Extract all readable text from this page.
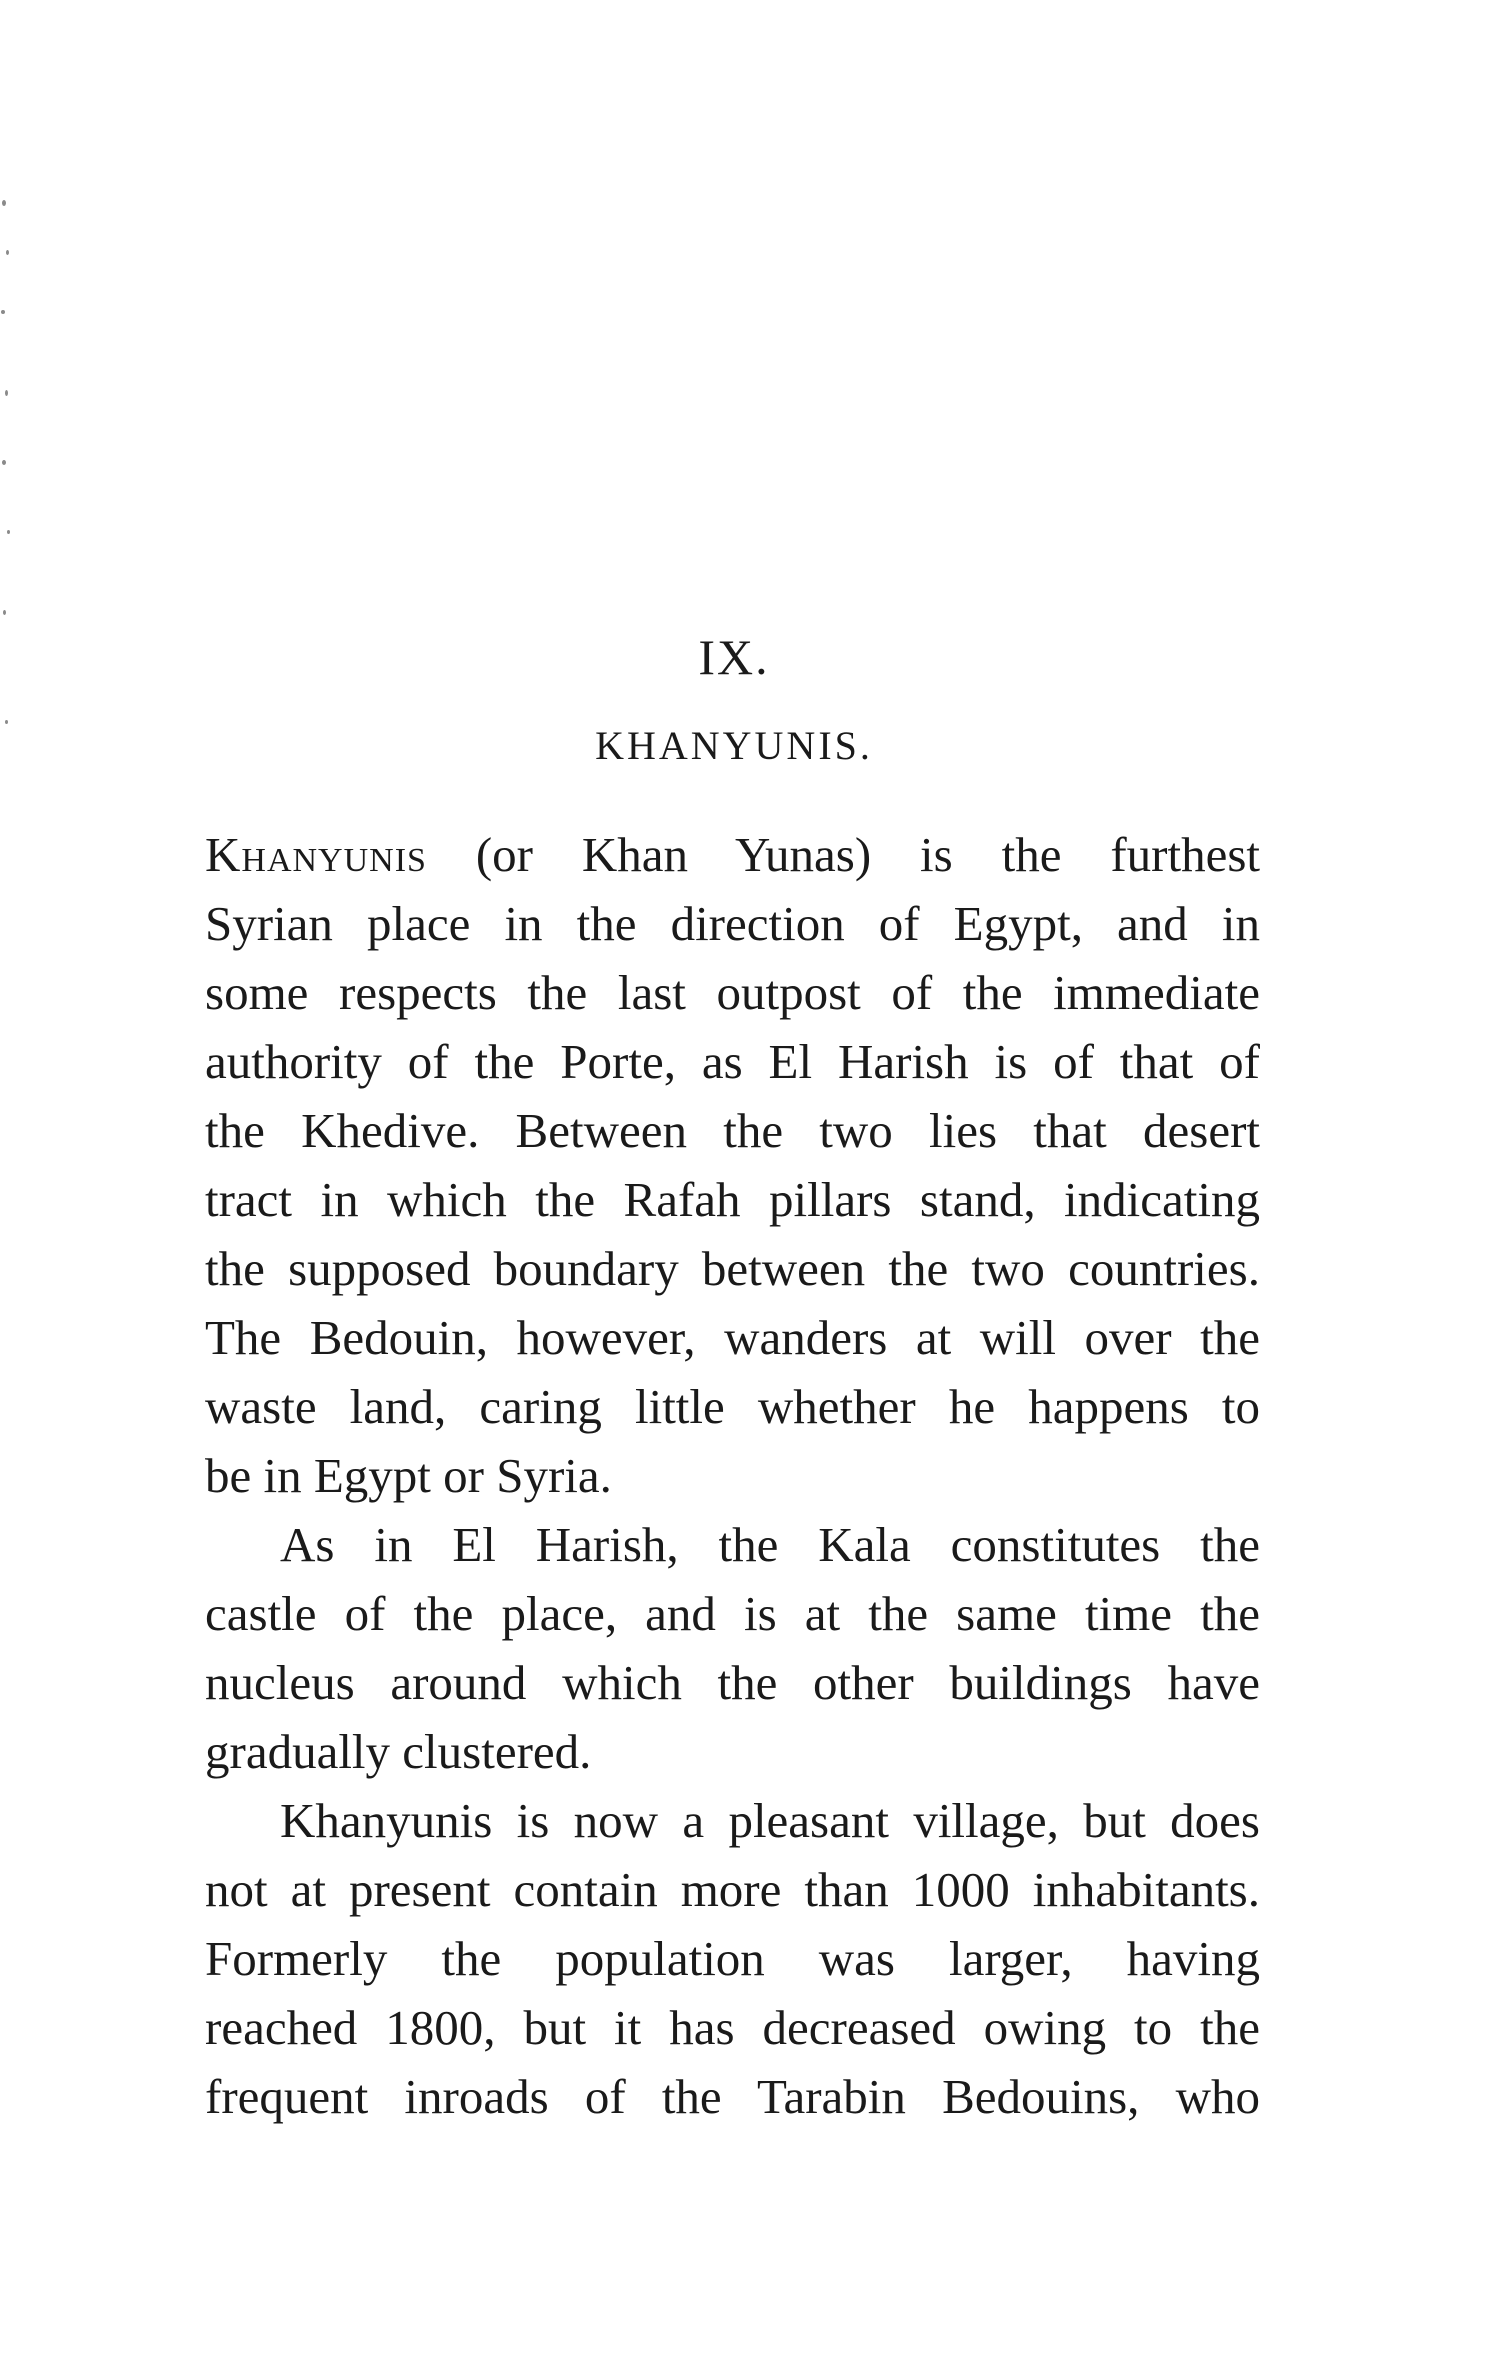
IX.
KHANYUNIS.
Khanyunis (or Khan Yunas) is the furthest
Syrian place in the direction of Egypt, and in
some respects the last outpost of the immediate
authority of the Porte, as El Harish is of that of
the Khedive. Between the two lies that desert
tract in which the Rafah pillars stand, indicating
the supposed boundary between the two countries.
The Bedouin, however, wanders at will over the
waste land, caring little whether he happens to
be in Egypt or Syria.
As in El Harish, the Kala constitutes the
castle of the place, and is at the same time the
nucleus around which the other buildings have
gradually clustered.
Khanyunis is now a pleasant village, but does
not at present contain more than 1000 inhabitants.
Formerly the population was larger, having
reached 1800, but it has decreased owing to the
frequent inroads of the Tarabin Bedouins, who
